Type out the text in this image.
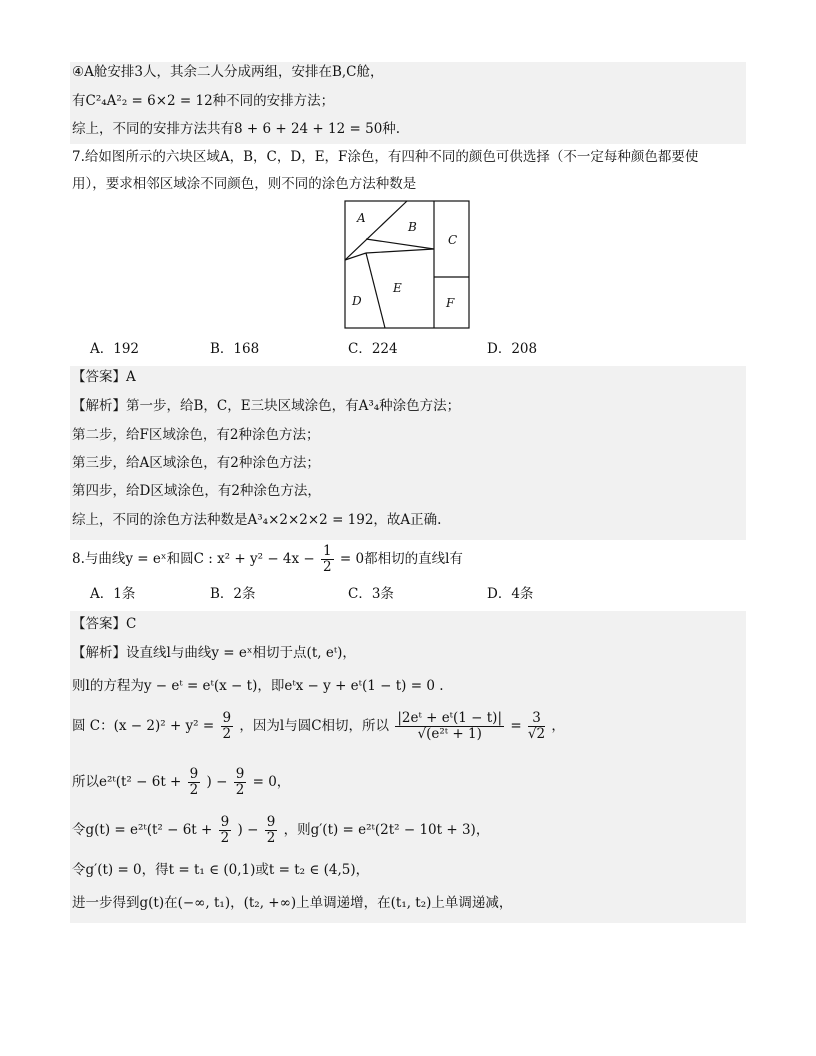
④A舱安排3人，其余二人分成两组，安排在B,C舱，
有C²₄A²₂ = 6×2 = 12种不同的安排方法；
综上，不同的安排方法共有8 + 6 + 24 + 12 = 50种.
7.给如图所示的六块区域A，B，C，D，E，F涂色，有四种不同的颜色可供选择（不一定每种颜色都要使
用），要求相邻区域涂不同颜色，则不同的涂色方法种数是
A
B
C
D
E
F
A．192	B．168	C．224	D．208
【答案】A
【解析】第一步，给B，C，E三块区域涂色，有A³₄种涂色方法；
第二步，给F区域涂色，有2种涂色方法；
第三步，给A区域涂色，有2种涂色方法；
第四步，给D区域涂色，有2种涂色方法，
综上，不同的涂色方法种数是A³₄×2×2×2 = 192，故A正确.
8.与曲线y = eˣ和圆C : $x^2 + y^2 - 4x - \frac{1}{2} = 0$都相切的直线l有
A．1条	B．2条	C．3条	D．4条
【答案】C
【解析】设直线l与曲线y = eˣ相切于点(t, eᵗ)，
则l的方程为y − eᵗ = eᵗ(x − t)，即eᵗx − y + eᵗ(1 − t) = 0 .
圆 C：$(x - 2)^2 + y^2 = \frac{9}{2}$ ，因为l与圆C相切，所以 $\frac{\text{|2eᵗ + eᵗ(1 − t)|}}{\text{√(e²ᵗ + 1)}} = \frac{3}{√2}$ ，
所以e²ᵗ(t² − $6t + \frac{9}{2}$ ) − $\frac{9}{2} = 0$，
令g(t) = e²ᵗ(t² − $6t + \frac{9}{2}$ ) − $\frac{9}{2}$ ，则g′(t) = e²ᵗ(2t² − 10t + 3)，
令g′(t) = 0，得t = t₁ ∈ (0,1)或t = t₂ ∈ (4,5)，
进一步得到g(t)在(−∞, t₁)，(t₂, +∞)上单调递增，在(t₁, t₂)上单调递减，
